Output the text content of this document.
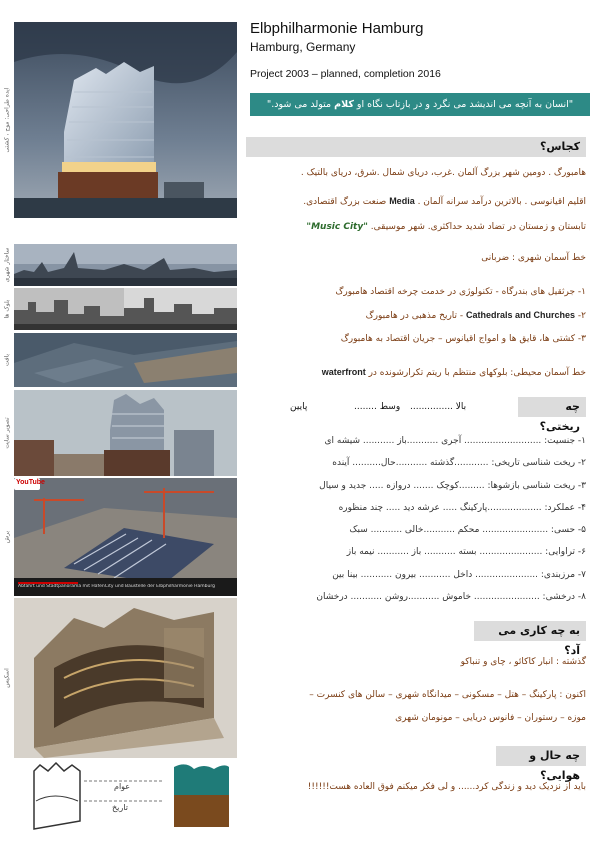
ایده طراحی: موج ، کشتی
ساختار شهری
بلوک ها
بافت
تصویر سایت
YouTube
Abfahrt und Stadtpanorama mit HafenCity und Baustelle der Elbphilharmonie Hamburg
برش
اسکیس
عوام
تاریخ
Elbphilharmonie Hamburg
Hamburg, Germany
Project 2003 – planned, completion 2016
"انسان به آنچه می اندیشد می نگرد و در بازتاب نگاه او کلام متولد می شود."
کجاس؟
هامبورگ . دومین شهر بزرگ آلمان .غرب، دریای شمال .شرق، دریای بالتیک .
اقلیم اقیانوسی . بالاترین درآمد سرانه آلمان . Media صنعت بزرگ اقتصادی.
تابستان و زمستان در تضاد شدید حداکثری. شهر موسیقی. "Music City"
خط آسمان شهری : ضربانی
۱- جرثقیل های بندرگاه - تکنولوژی در خدمت چرخه اقتصاد هامبورگ
۲- Cathedrals and Churches - تاریخ مذهبی در هامبورگ
۳- کشتی ها، قایق ها و امواج اقیانوس – جریان اقتصاد به هامبورگ
خط آسمان محیطی: بلوکهای منتظم با ریتم تکرارشونده در waterfront
چه ریختی؟
پایین	........ وسط ............... بالا
۱- جنسیت: ........................... آجری ...........باز ........... شیشه ای
۲- ریخت شناسی تاریخی: ............گذشته ...........حال.......... آینده
۳- ریخت شناسی بازشوها: .........کوچک ....... دروازه ..... جدید و سیال
۴- عملکرد: ...................پارکینگ ..... عرشه دید ..... چند منظوره
۵- حسی: ....................... محکم ...........خالی ........... سبک
۶- تراوایی: ...................... بسته ........... باز ........... نیمه باز
۷- مرزبندی: ...................... داخل ........... بیرون ........... بینا بین
۸- درخشی: ....................... خاموش ...........روشن ........... درخشان
به چه کاری می آد؟
گذشته : انبار کاکائو ، چای و تنباکو
اکنون : پارکینگ – هتل – مسکونی – میدانگاه شهری – سالن های کنسرت –
موزه – رستوران – فانوس دریایی – مونومان شهری
چه حال و هوایی؟
باید از نزدیک دید و زندگی کرد...... و لی فکر میکنم فوق العاده هست!!!!!!
